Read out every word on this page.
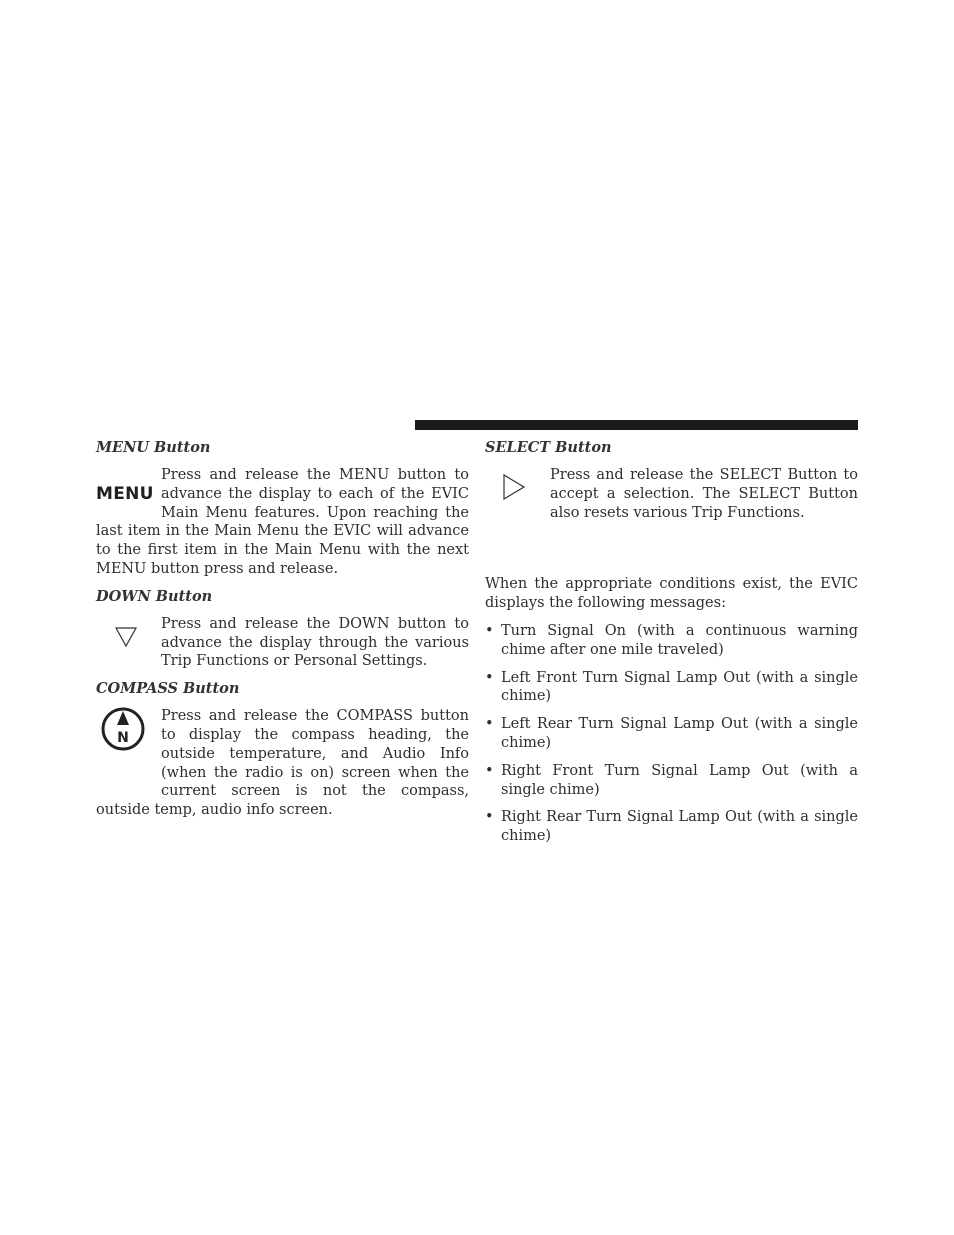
MENU Button

MENU

Press and release the MENU button to advance the display to each of the EVIC Main Menu features. Upon reaching the last item in the Main Menu the EVIC will advance to the first item in the Main Menu with the next MENU button press and release.

DOWN Button

Press and release the DOWN button to advance the display through the various Trip Functions or Personal Settings.

COMPASS Button

N

Press and release the COMPASS button to display the compass heading, the outside temperature, and Audio Info (when the radio is on) screen when the current screen is not the compass, outside temp, audio info screen.

SELECT Button

Press and release the SELECT Button to accept a selection. The SELECT Button also resets various Trip Functions.

When the appropriate conditions exist, the EVIC displays the following messages:

• Turn Signal On (with a continuous warning chime after one mile traveled)
• Left Front Turn Signal Lamp Out (with a single chime)
• Left Rear Turn Signal Lamp Out (with a single chime)
• Right Front Turn Signal Lamp Out (with a single chime)
• Right Rear Turn Signal Lamp Out (with a single chime)
